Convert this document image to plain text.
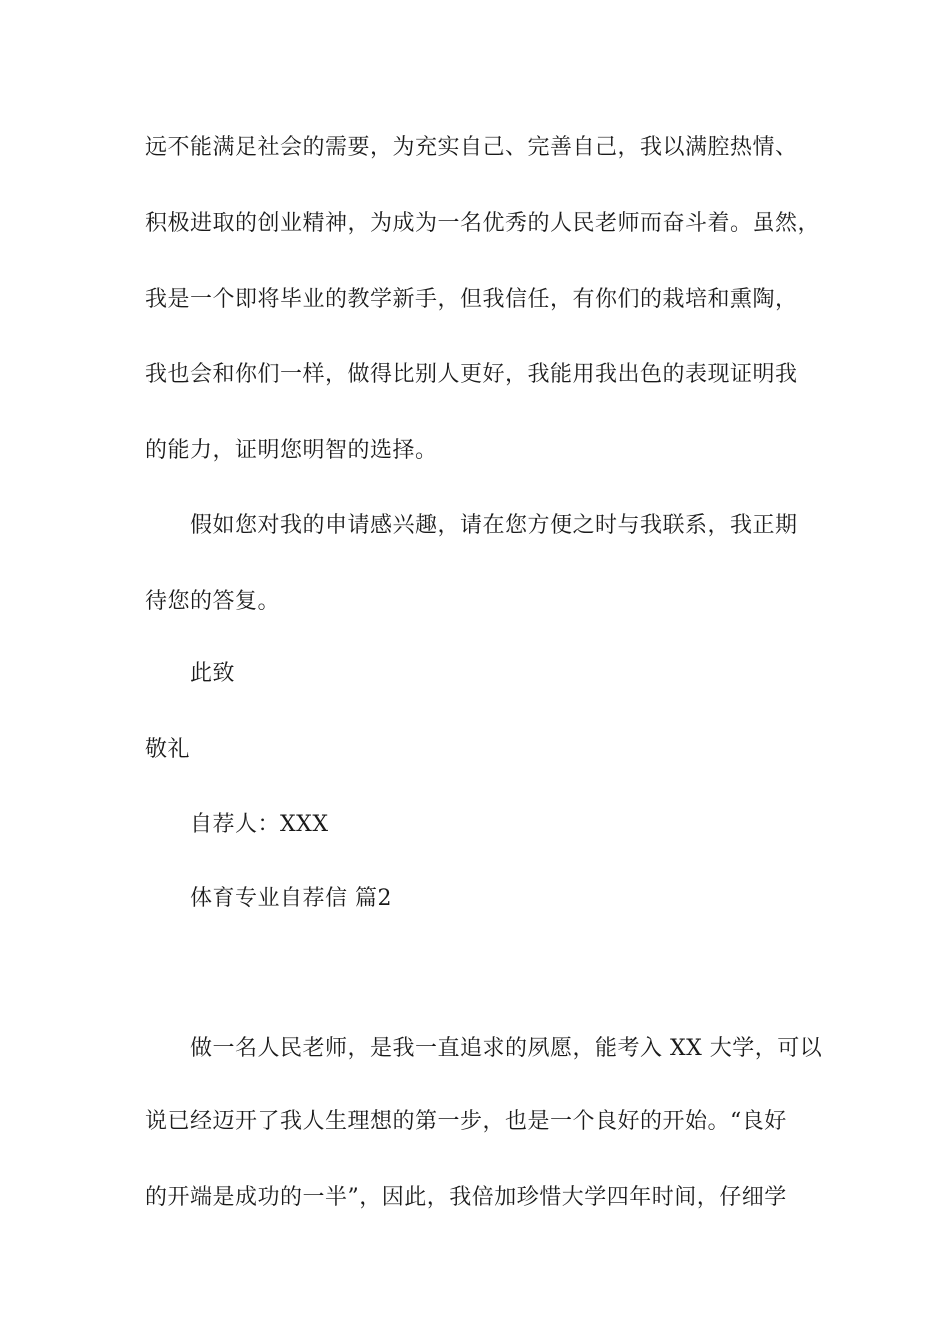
远不能满足社会的需要，为充实自己、完善自己，我以满腔热情、
积极进取的创业精神，为成为一名优秀的人民老师而奋斗着。虽然，
我是一个即将毕业的教学新手，但我信任，有你们的栽培和熏陶，
我也会和你们一样，做得比别人更好，我能用我出色的表现证明我
的能力，证明您明智的选择。
假如您对我的申请感兴趣，请在您方便之时与我联系，我正期
待您的答复。
此致
敬礼
自荐人：XXX
体育专业自荐信 篇2
做一名人民老师，是我一直追求的夙愿，能考入 XX 大学，可以
说已经迈开了我人生理想的第一步，也是一个良好的开始。“良好
的开端是成功的一半”，因此，我倍加珍惜大学四年时间，仔细学
